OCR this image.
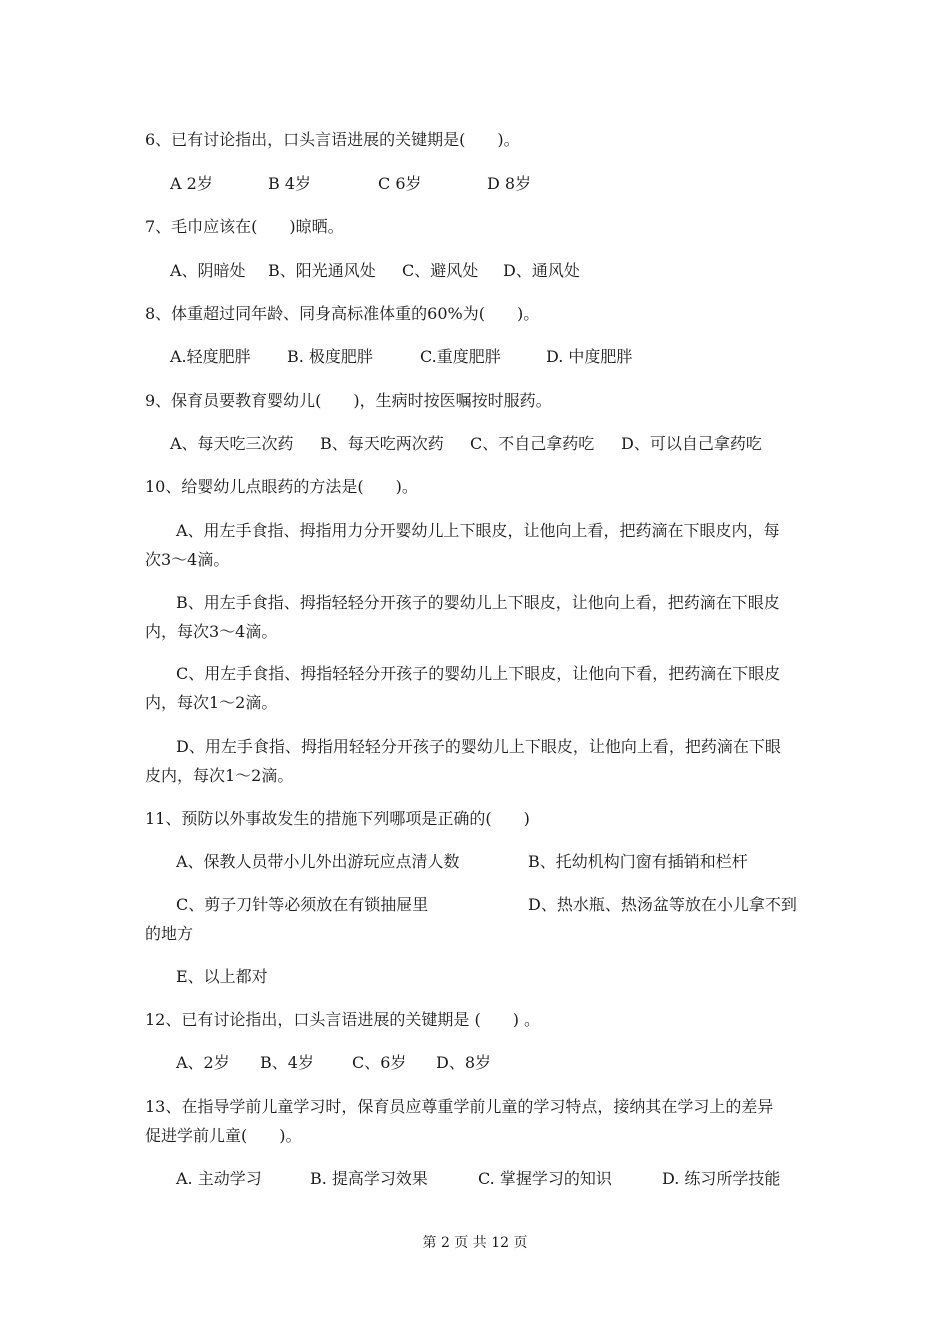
6、已有讨论指出，口头言语进展的关键期是(　　)。
A 2岁	B 4岁	C 6岁	D 8岁
7、毛巾应该在(　　)晾晒。
A、阴暗处 B、阳光通风处 C、避风处 D、通风处
8、体重超过同年龄、同身高标准体重的60%为(　　)。
A.轻度肥胖 B. 极度肥胖	C.重度肥胖	D. 中度肥胖
9、保育员要教育婴幼儿(　　)，生病时按医嘱按时服药。
A、每天吃三次药 B、每天吃两次药 C、不自己拿药吃 D、可以自己拿药吃
10、给婴幼儿点眼药的方法是(　　)。
A、用左手食指、拇指用力分开婴幼儿上下眼皮，让他向上看，把药滴在下眼皮内，每
次3～4滴。
B、用左手食指、拇指轻轻分开孩子的婴幼儿上下眼皮，让他向上看，把药滴在下眼皮
内，每次3～4滴。
C、用左手食指、拇指轻轻分开孩子的婴幼儿上下眼皮，让他向下看，把药滴在下眼皮
内，每次1～2滴。
D、用左手食指、拇指用轻轻分开孩子的婴幼儿上下眼皮，让他向上看，把药滴在下眼
皮内，每次1～2滴。
11、预防以外事故发生的措施下列哪项是正确的(　　)
A、保教人员带小儿外出游玩应点清人数	B、托幼机构门窗有插销和栏杆
C、剪子刀针等必须放在有锁抽屉里	D、热水瓶、热汤盆等放在小儿拿不到
的地方
E、以上都对
12、已有讨论指出，口头言语进展的关键期是 (　　) 。
A、2岁 B、4岁 C、6岁 D、8岁
13、在指导学前儿童学习时，保育员应尊重学前儿童的学习特点，接纳其在学习上的差异
促进学前儿童(　　)。
A. 主动学习	B. 提高学习效果	C. 掌握学习的知识	D. 练习所学技能
第 2 页 共 12 页
